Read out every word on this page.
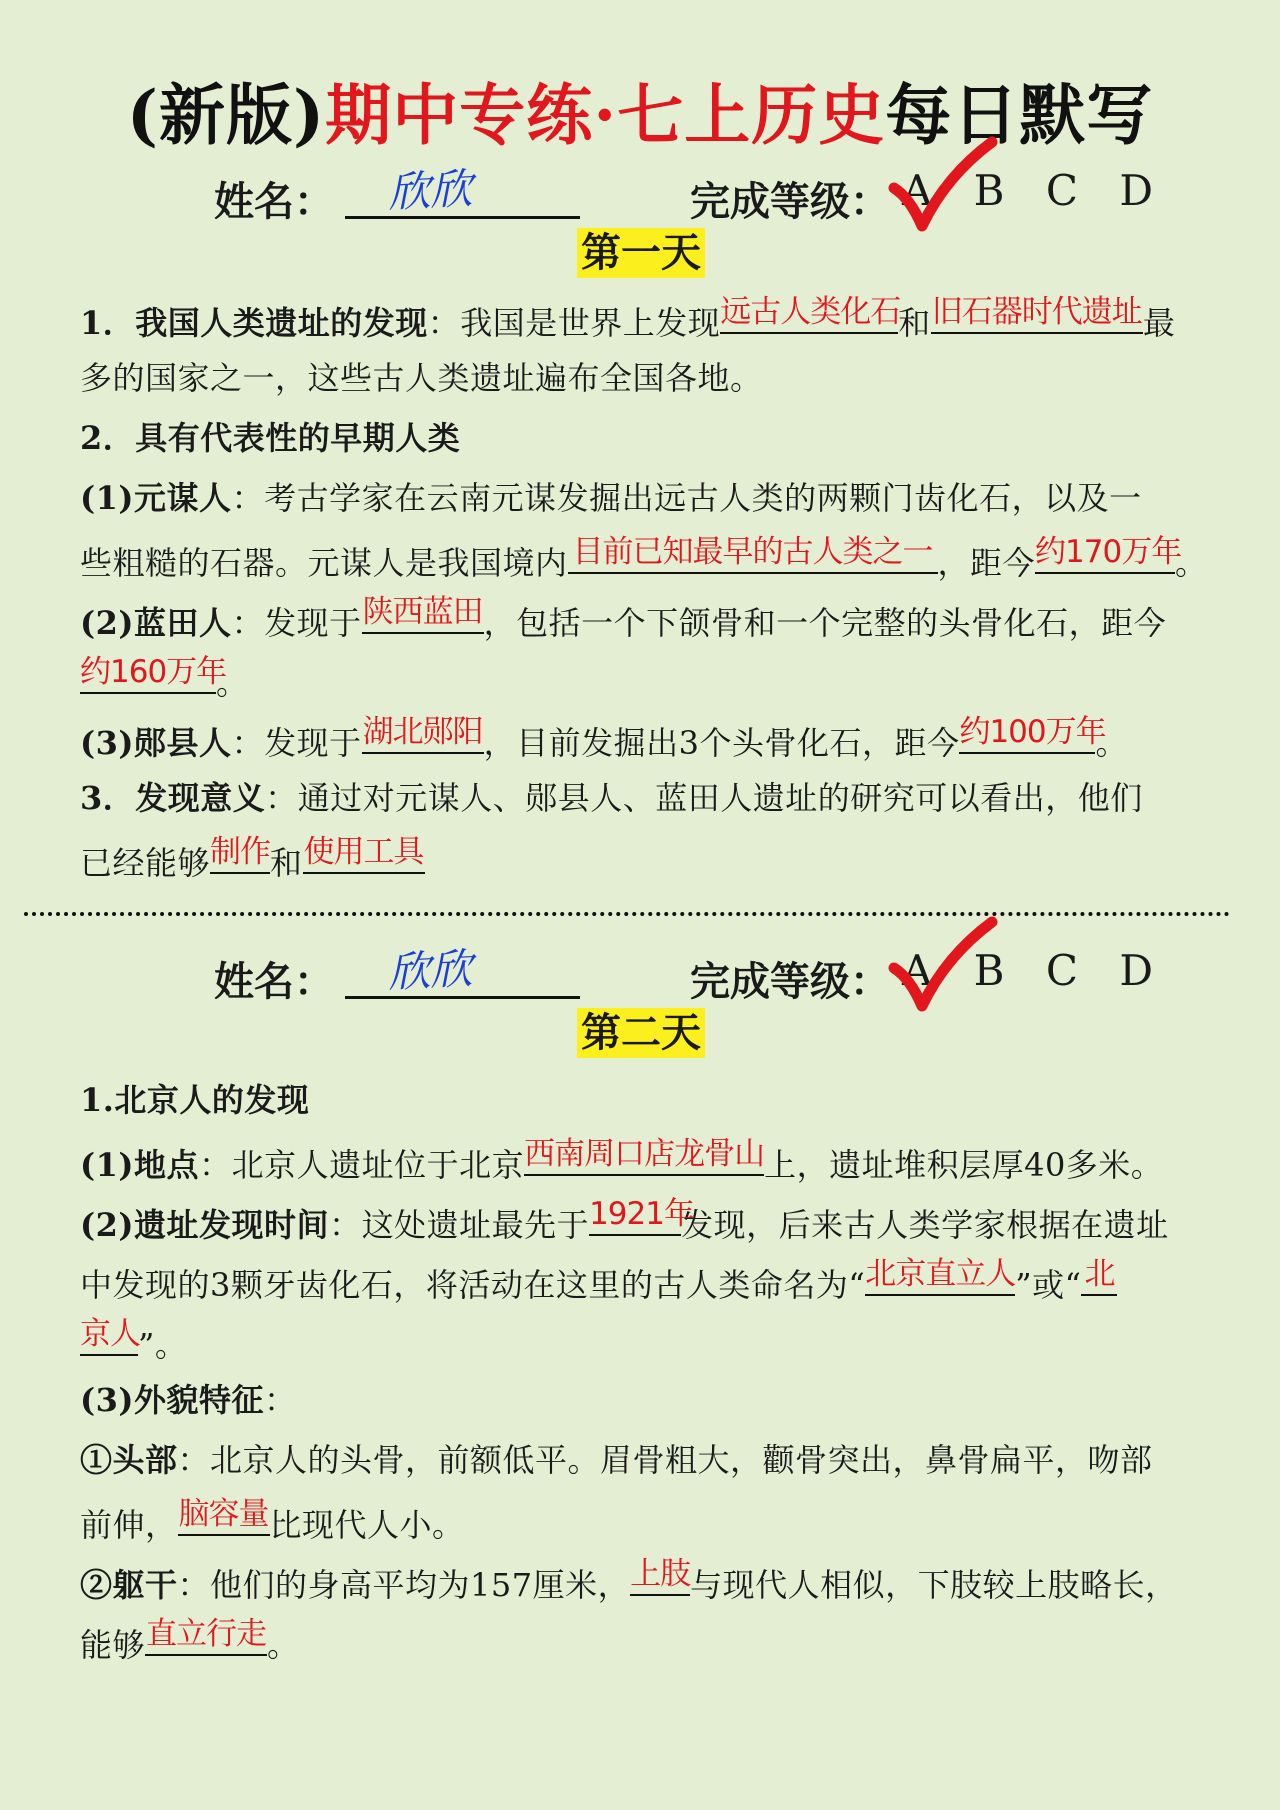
(新版)期中专练·七上历史每日默写
姓名： 欣欣	完成等级： A B C D
第一天
1．我国人类遗址的发现：我国是世界上发现 远古人类化石
和 旧石器时代遗址 最
多的国家之一，这些古人类遗址遍布全国各地。
2．具有代表性的早期人类
(1)元谋人：考古学家在云南元谋发掘出远古人类的两颗门齿化石，以及一
些粗糙的石器。元谋人是我国境内 目前已知最早的古人类之一 ，距今 约170万年
。
(2)蓝田人：发现于 陕西蓝田 ，包括一个下颌骨和一个完整的头骨化石，距今
约160万年
。
(3)郧县人：发现于 湖北郧阳 ，目前发掘出3个头骨化石，距今 约100万年
。
3．发现意义：通过对元谋人、郧县人、蓝田人遗址的研究可以看出，他们
已经能够 制作 和 使用工具
姓名： 欣欣	完成等级： A B C D
第二天
1.北京人的发现
(1)地点：北京人遗址位于北京 西南周口店龙骨山 上，遗址堆积层厚40多米。
(2)遗址发现时间：这处遗址最先于 1921年
发现，后来古人类学家根据在遗址
中发现的3颗牙齿化石，将活动在这里的古人类命名为“ 北京直立人 ”或“ 北
京人
”。
(3)外貌特征：
①头部：北京人的头骨，前额低平。眉骨粗大，颧骨突出，鼻骨扁平，吻部
前伸， 脑容量 比现代人小。
②躯干：他们的身高平均为157厘米， 上肢 与现代人相似，下肢较上肢略长，
能够 直立行走 。
